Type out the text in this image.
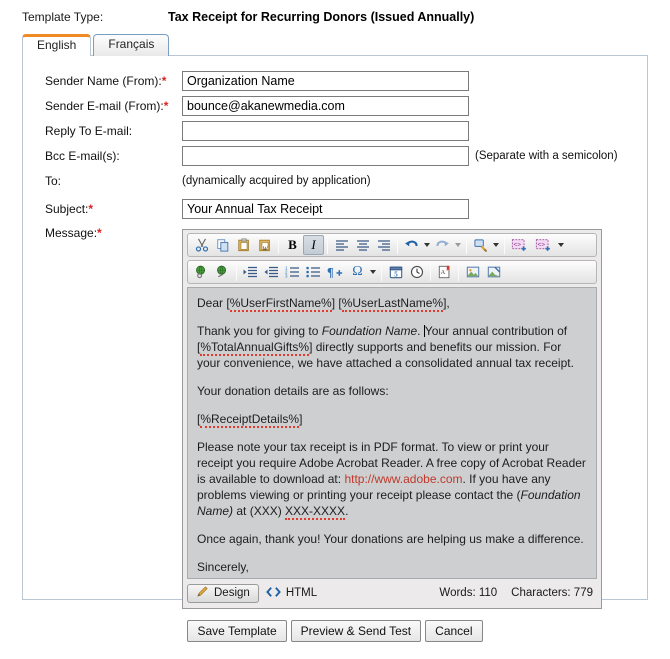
Template Type:	Tax Receipt for Recurring Donors (Issued Annually)
English	Français
Sender Name (From):*
Organization Name
Sender E-mail (From):*
bounce@akanewmedia.com
Reply To E-mail:
Bcc E-mail(s):	(Separate with a semicolon)
To:	(dynamically acquired by application)
Subject:*
Your Annual Tax Receipt
Message:*
W	B	I	<> <>
1
2
3	¶	Ω	5	A

Dear [%UserFirstName%] [%UserLastName%],

Thank you for giving to Foundation Name. Your annual contribution of [%TotalAnnualGifts%] directly supports and benefits our mission. For your convenience, we have attached a consolidated annual tax receipt.

Your donation details are as follows:

[%ReceiptDetails%]

Please note your tax receipt is in PDF format. To view or print your receipt you require Adobe Acrobat Reader. A free copy of Acrobat Reader is available to download at: http://www.adobe.com. If you have any problems viewing or printing your receipt please contact the (Foundation Name) at (XXX) XXX-XXXX.

Once again, thank you! Your donations are helping us make a difference.

Sincerely,

Design	HTML	Words: 110 Characters: 779
Save Template	Preview & Send Test	Cancel
